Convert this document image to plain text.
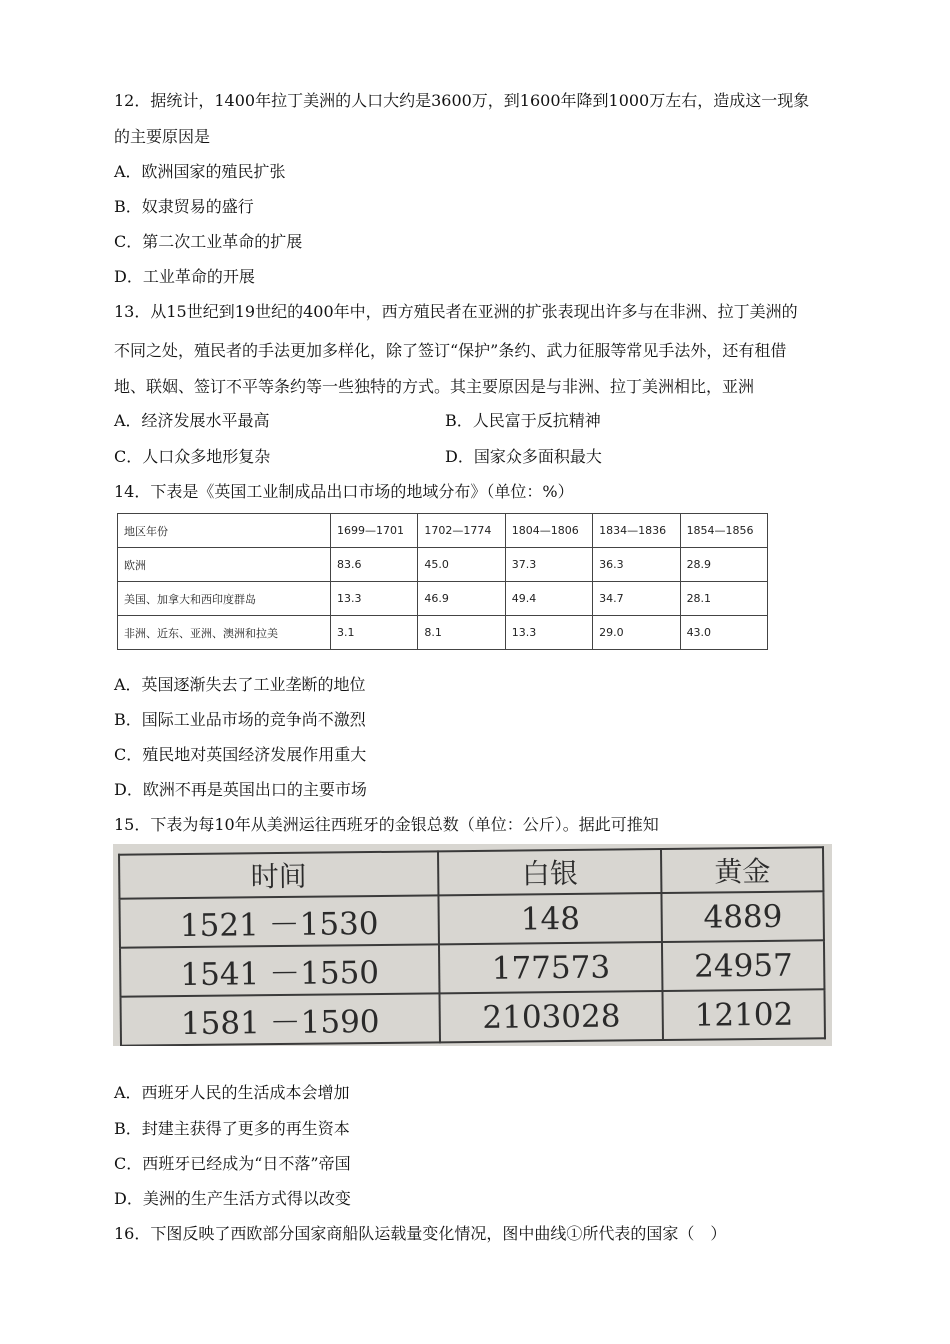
12．据统计，1400年拉丁美洲的人口大约是3600万，到1600年降到1000万左右，造成这一现象
的主要原因是
A．欧洲国家的殖民扩张
B．奴隶贸易的盛行
C．第二次工业革命的扩展
D．工业革命的开展
13．从15世纪到19世纪的400年中，西方殖民者在亚洲的扩张表现出许多与在非洲、拉丁美洲的
不同之处，殖民者的手法更加多样化，除了签订“保护”条约、武力征服等常见手法外，还有租借
地、联姻、签订不平等条约等一些独特的方式。其主要原因是与非洲、拉丁美洲相比，亚洲
A．经济发展水平最高	B．人民富于反抗精神
C．人口众多地形复杂	D．国家众多面积最大
14．下表是《英国工业制成品出口市场的地域分布》（单位：%）
地区年份	1699—1701	1702—1774	1804—1806	1834—1836	1854—1856
欧洲	83.6	45.0	37.3	36.3	28.9
美国、加拿大和西印度群岛	13.3	46.9	49.4	34.7	28.1
非洲、近东、亚洲、澳洲和拉美	3.1	8.1	13.3	29.0	43.0
A．英国逐渐失去了工业垄断的地位
B．国际工业品市场的竞争尚不激烈
C．殖民地对英国经济发展作用重大
D．欧洲不再是英国出口的主要市场
15．下表为每10年从美洲运往西班牙的金银总数（单位：公斤）。据此可推知
时间	白银	黄金
1521 －1530	148	4889
1541 －1550	177573	24957
1581 －1590	2103028	12102
A．西班牙人民的生活成本会增加
B．封建主获得了更多的再生资本
C．西班牙已经成为“日不落”帝国
D．美洲的生产生活方式得以改变
16．下图反映了西欧部分国家商船队运载量变化情况，图中曲线①所代表的国家（　）
